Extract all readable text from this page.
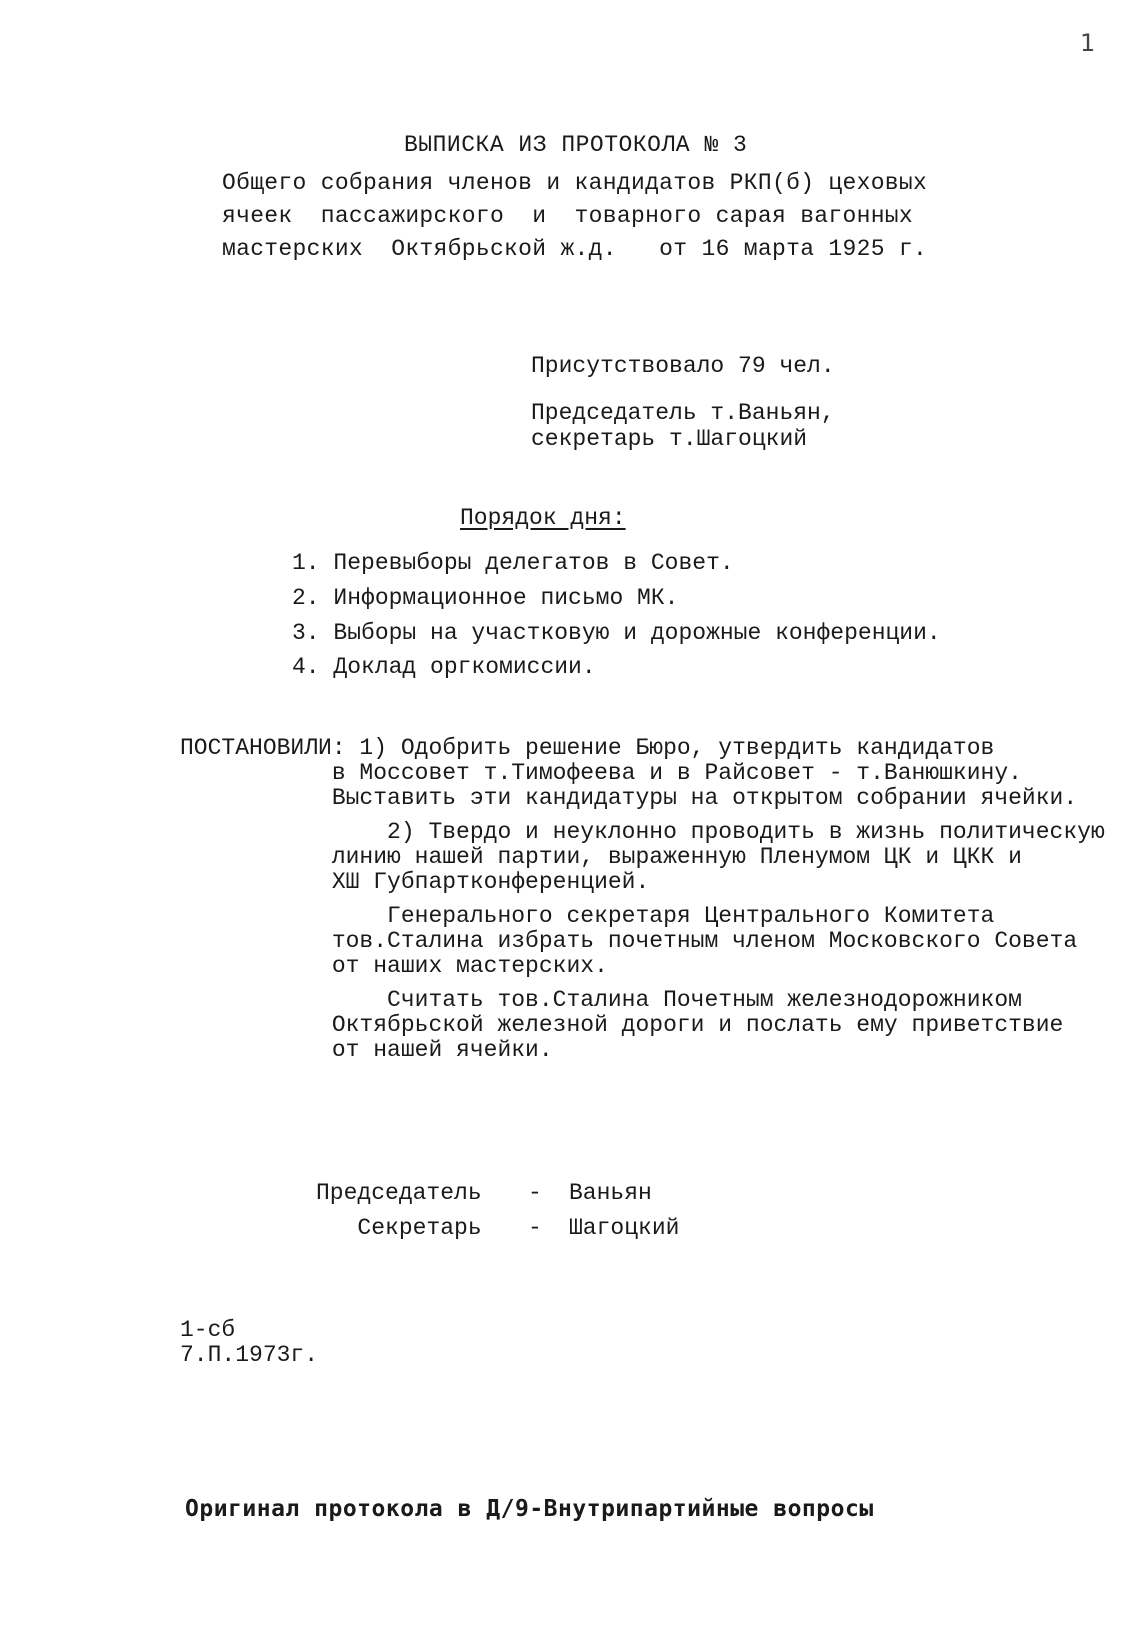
1
ВЫПИСКА ИЗ ПРОТОКОЛА № 3
Общего собрания членов и кандидатов РКП(б) цеховых
ячеек  пассажирского  и  товарного сарая вагонных
мастерских  Октябрьской ж.д.   от 16 марта 1925 г.
Присутствовало 79 чел.
Председатель т.Ваньян,
секретарь т.Шагоцкий
Порядок дня:
1. Перевыборы делегатов в Совет.
2. Информационное письмо МК.
3. Выборы на участковую и дорожные конференции.
4. Доклад оргкомиссии.
ПОСТАНОВИЛИ: 1) Одобрить решение Бюро, утвердить кандидатов
в Моссовет т.Тимофеева и в Райсовет - т.Ванюшкину.
Выставить эти кандидатуры на открытом собрании ячейки.
2) Твердо и неуклонно проводить в жизнь политическую
линию нашей партии, выраженную Пленумом ЦК и ЦКК и
ХШ Губпартконференцией.
Генерального секретаря Центрального Комитета
тов.Сталина избрать почетным членом Московского Совета
от наших мастерских.
Считать тов.Сталина Почетным железнодорожником
Октябрьской железной дороги и послать ему приветствие
от нашей ячейки.
Председатель - Ваньян
Секретарь - Шагоцкий
1-сб
7.П.1973г.
Оригинал протокола в Д/9-Внутрипартийные вопросы
